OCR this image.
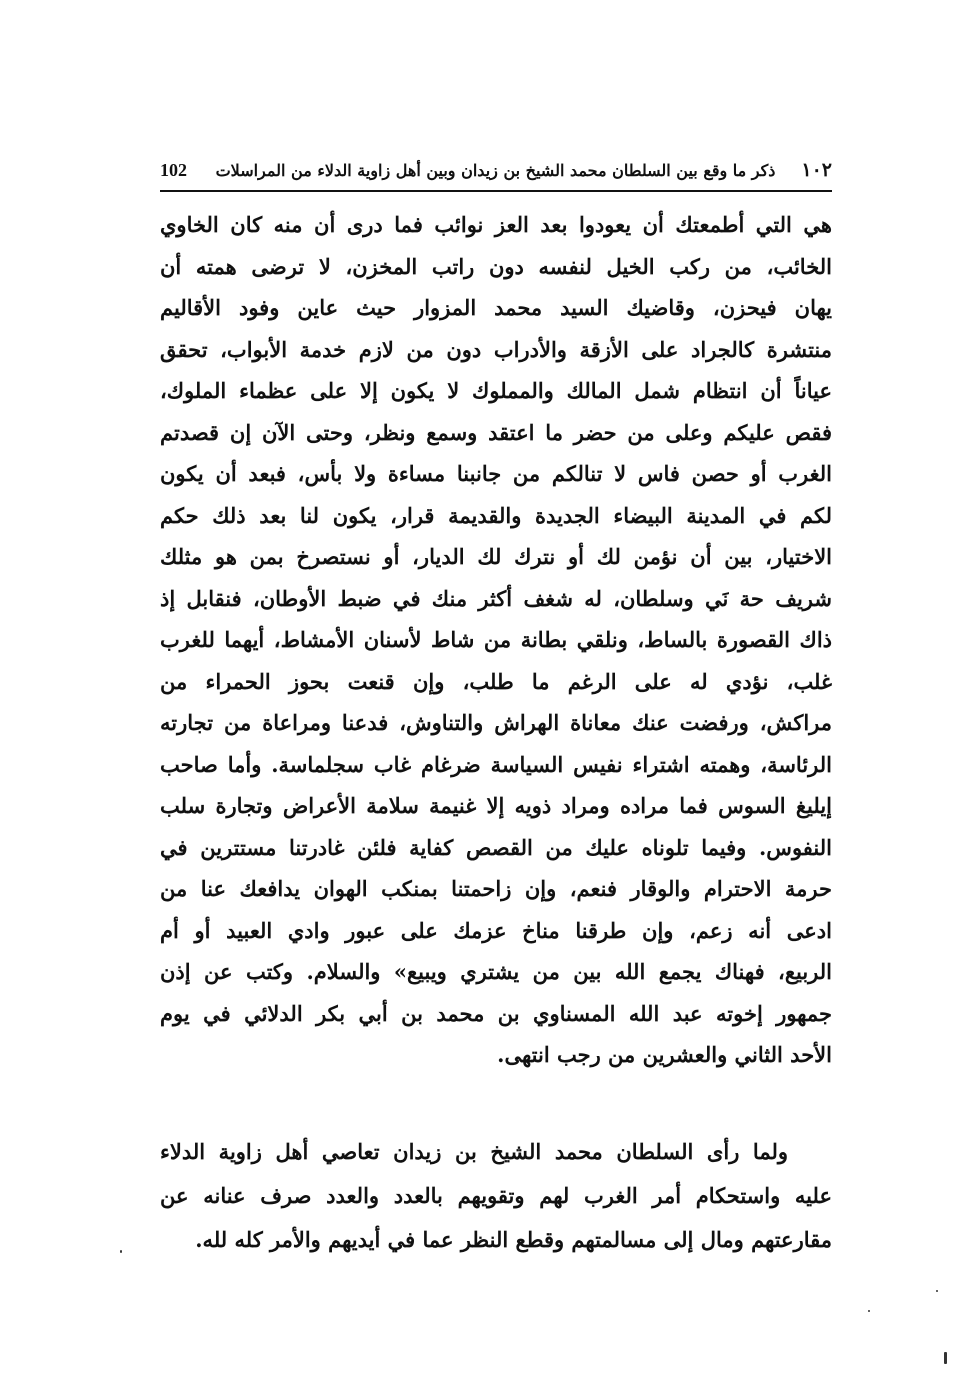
١٠٢
ذكر ما وقع بين السلطان محمد الشيخ بن زيدان وبين أهل زاوية الدلاء من المراسلات
102
هي التي أطمعتك أن يعودوا بعد العز نوائب فما درى أن منه كان الخاوي
الخائب، من ركب الخيل لنفسه دون راتب المخزن، لا ترضى همته أن
يهان فيحزن، وقاضيك السيد محمد المزوار حيث عاين وفود الأقاليم
منتشرة كالجراد على الأزقة والأدراب دون من لازم خدمة الأبواب، تحقق
عياناً أن انتظام شمل المالك والمملوك لا يكون إلا على عظماء الملوك،
فقص عليكم وعلى من حضر ما اعتقد وسمع ونظر، وحتى الآن إن قصدتم
الغرب أو حصن فاس لا تنالكم من جانبنا مساءة ولا بأس، فبعد أن يكون
لكم في المدينة البيضاء الجديدة والقديمة قرار، يكون لنا بعد ذلك حكم
الاختيار، بين أن نؤمن لك أو نترك لك الديار، أو نستصرخ بمن هو مثلك
شريف حة نَي وسلطان، له شغف أكثر منك في ضبط الأوطان، فنقابل إذ
ذاك القصورة بالساط، ونلقي بطانة من شاط لأسنان الأمشاط، أيهما للغرب
غلب، نؤدي له على الرغم ما طلب، وإن قنعت بحوز الحمراء من
مراكش، ورفضت عنك معاناة الهراش والتناوش، فدعنا ومراعاة من تجارته
الرئاسة، وهمته اشتراء نفيس السياسة ضرغام غاب سجلماسة. وأما صاحب
إيليغ السوس فما مراده ومراد ذويه إلا غنيمة سلامة الأعراض وتجارة سلب
النفوس. وفيما تلوناه عليك من القصص كفاية فلئن غادرتنا مستترين في
حرمة الاحترام والوقار فنعم، وإن زاحمتنا بمنكب الهوان يدافعك عنا من
ادعى أنه زعم، وإن طرقنا مناخ عزمك على عبور وادي العبيد أو أم
الربيع، فهناك يجمع الله بين من يشتري ويبيع» والسلام. وكتب عن إذن
جمهور إخوته عبد الله المسناوي بن محمد بن أبي بكر الدلائي في يوم
الأحد الثاني والعشرين من رجب انتهى.
ولما رأى السلطان محمد الشيخ بن زيدان تعاصي أهل زاوية الدلاء
عليه واستحكام أمر الغرب لهم وتقويهم بالعدد والعدد صرف عنانه عن
مقارعتهم ومال إلى مسالمتهم وقطع النظر عما في أيديهم والأمر كله لله.
